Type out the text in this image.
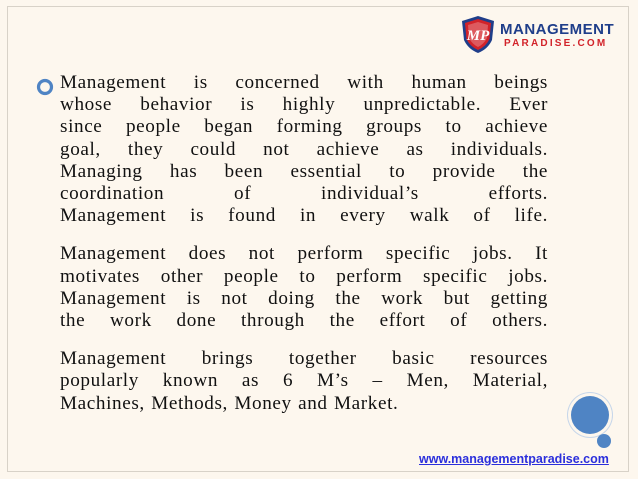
MP MANAGEMENT
PARADISE.COM
Management is concerned with human beings
whose behavior is highly unpredictable. Ever
since people began forming groups to achieve
goal, they could not achieve as individuals.
Managing has been essential to provide the
coordination of individual’s efforts.
Management is found in every walk of life.
Management does not perform specific jobs. It
motivates other people to perform specific jobs.
Management is not doing the work but getting
the work done through the effort of others.
Management brings together basic resources
popularly known as 6 M’s – Men, Material,
Machines, Methods, Money and Market.
www.managementparadise.com
